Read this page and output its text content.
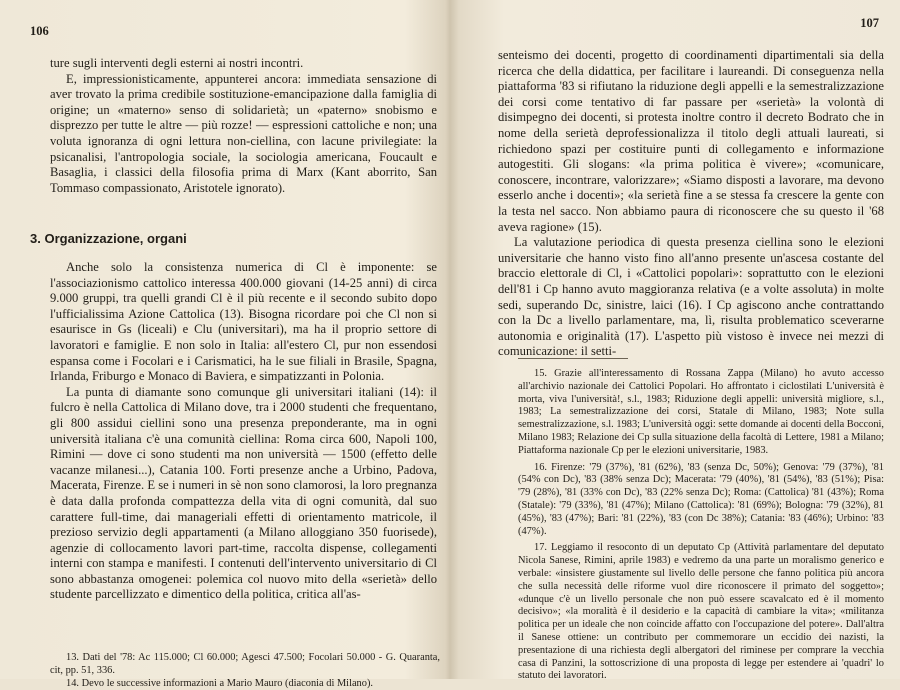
106

ture sugli interventi degli esterni ai nostri incontri.

E, impressionisticamente, appunterei ancora: immediata sensazione di aver trovato la prima credibile sostituzione-emancipazione dalla famiglia di origine; un «materno» senso di solidarietà; un «paterno» snobismo e disprezzo per tutte le altre — più rozze! — espressioni cattoliche e non; una voluta ignoranza di ogni lettura non-ciellina, con lacune privilegiate: la psicanalisi, l'antropologia sociale, la sociologia americana, Foucault e Basaglia, i classici della filosofia prima di Marx (Kant aborrito, San Tommaso compassionato, Aristotele ignorato).

3. Organizzazione, organi

Anche solo la consistenza numerica di Cl è imponente: se l'associazionismo cattolico interessa 400.000 giovani (14-25 anni) di circa 9.000 gruppi, tra quelli grandi Cl è il più recente e il secondo subito dopo l'ufficialissima Azione Cattolica (13). Bisogna ricordare poi che Cl non si esaurisce in Gs (liceali) e Clu (universitari), ma ha il proprio settore di lavoratori e famiglie. E non solo in Italia: all'estero Cl, pur non essendosi espansa come i Focolari e i Carismatici, ha le sue filiali in Brasile, Spagna, Irlanda, Friburgo e Monaco di Baviera, e simpatizzanti in Polonia.

La punta di diamante sono comunque gli universitari italiani (14): il fulcro è nella Cattolica di Milano dove, tra i 2000 studenti che frequentano, gli 800 assidui ciellini sono una presenza preponderante, ma in ogni università italiana c'è una comunità ciellina: Roma circa 600, Napoli 100, Rimini — dove ci sono studenti ma non università — 1500 (effetto delle vacanze milanesi...), Catania 100. Forti presenze anche a Urbino, Padova, Macerata, Firenze. E se i numeri in sè non sono clamorosi, la loro pregnanza è data dalla profonda compattezza della vita di ogni comunità, dal suo carattere full-time, dai manageriali effetti di orientamento matricole, il prezioso servizio degli appartamenti (a Milano alloggiano 350 fuorisede), agenzie di collocamento lavori part-time, raccolta dispense, collegamenti interni con stampa e manifesti. I contenuti dell'intervento universitario di Cl sono abbastanza omogenei: polemica col nuovo mito della «serietà» dello studente parcellizzato e dimentico della politica, critica all'as-

107

senteismo dei docenti, progetto di coordinamenti dipartimentali sia della ricerca che della didattica, per facilitare i laureandi. Di conseguenza nella piattaforma '83 si rifiutano la riduzione degli appelli e la semestralizzazione dei corsi come tentativo di far passare per «serietà» la volontà di disimpegno dei docenti, si protesta inoltre contro il decreto Bodrato che in nome della serietà deprofessionalizza il titolo degli attuali laureati, si richiedono spazi per costituire punti di collegamento e informazione autogestiti. Gli slogans: «la prima politica è vivere»; «comunicare, conoscere, incontrare, valorizzare»; «Siamo disposti a lavorare, ma devono esserlo anche i docenti»; «la serietà fine a se stessa fa crescere la gente con la testa nel sacco. Non abbiamo paura di riconoscere che su questo il '68 aveva ragione» (15).

La valutazione periodica di questa presenza ciellina sono le elezioni universitarie che hanno visto fino all'anno presente un'ascesa costante del braccio elettorale di Cl, i «Cattolici popolari»: soprattutto con le elezioni dell'81 i Cp hanno avuto maggioranza relativa (e a volte assoluta) in molte sedi, superando Dc, sinistre, laici (16). I Cp agiscono anche contrattando con la Dc a livello parlamentare, ma, lì, risulta problematico sceverarne autonomia e originalità (17). L'aspetto più vistoso è invece nei mezzi di comunicazione: il setti-

15. Grazie all'interessamento di Rossana Zappa (Milano) ho avuto accesso all'archivio nazionale dei Cattolici Popolari. Ho affrontato i ciclostilati L'università è morta, viva l'università!, s.l., 1983; Riduzione degli appelli: università migliore, s.l., 1983; La semestralizzazione dei corsi, Statale di Milano, 1983; Note sulla semestralizzazione, s.l. 1983; L'università oggi: sette domande ai docenti della Bocconi, Milano 1983; Relazione dei Cp sulla situazione della facoltà di Lettere, 1981 a Milano; Piattaforma nazionale Cp per le elezioni universitarie, 1983.

16. Firenze: '79 (37%), '81 (62%), '83 (senza Dc, 50%); Genova: '79 (37%), '81 (54% con Dc), '83 (38% senza Dc); Macerata: '79 (40%), '81 (54%), '83 (51%); Pisa: '79 (28%), '81 (33% con Dc), '83 (22% senza Dc); Roma: (Cattolica) '81 (43%); Roma (Statale): '79 (33%), '81 (47%); Milano (Cattolica): '81 (69%); Bologna: '79 (32%), 81 (45%), '83 (47%); Bari: '81 (22%), '83 (con Dc 38%); Catania: '83 (46%); Urbino: '83 (47%).

17. Leggiamo il resoconto di un deputato Cp (Attività parlamentare del deputato Nicola Sanese, Rimini, aprile 1983) e vedremo da una parte un moralismo generico e verbale: «insistere giustamente sul livello delle persone che fanno politica più ancora che sulla necessità delle riforme vuol dire riconoscere il primato del soggetto»; «dunque c'è un livello personale che non può essere scavalcato ed è il momento decisivo»; «la moralità è il desiderio e la capacità di cambiare la vita»; «militanza politica per un ideale che non coincide affatto con l'occupazione del potere». Dall'altra il Sanese ottiene: un contributo per commemorare un eccidio dei nazisti, la presentazione di una richiesta degli albergatori del riminese per comprare la vecchia casa di Panzini, la sottoscrizione di una proposta di legge per estendere ai 'quadri' lo statuto dei lavoratori.

13. Dati del '78: Ac 115.000; Cl 60.000; Agesci 47.500; Focolari 50.000 - G. Quaranta, cit, pp. 51, 336.

14. Devo le successive informazioni a Mario Mauro (diaconia di Milano).
